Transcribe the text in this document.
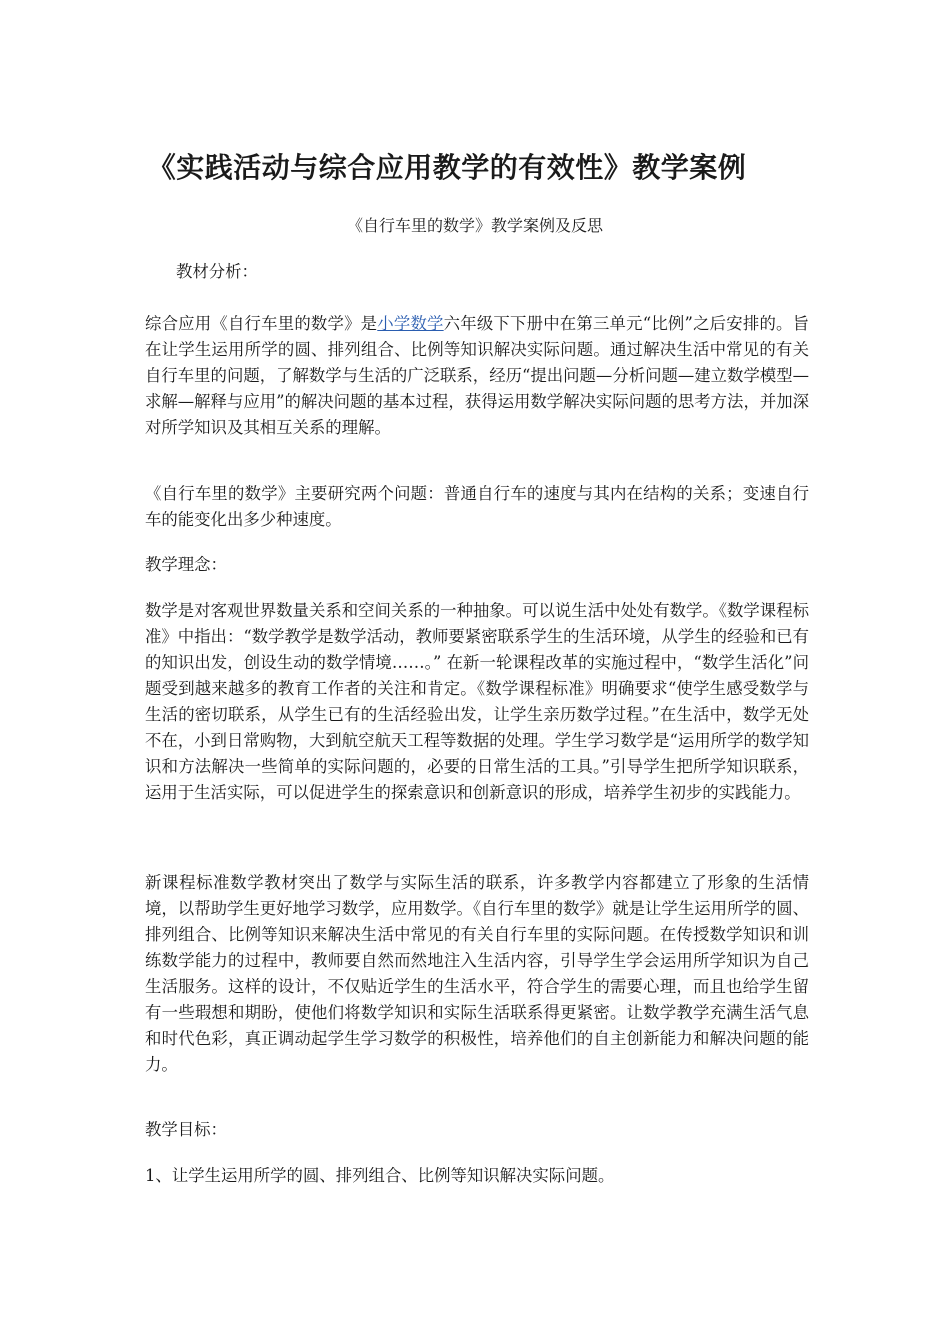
《实践活动与综合应用教学的有效性》教学案例

《自行车里的数学》教学案例及反思

教材分析：

综合应用《自行车里的数学》是小学数学六年级下下册中在第三单元“比例”之后安排的。旨在让学生运用所学的圆、排列组合、比例等知识解决实际问题。通过解决生活中常见的有关自行车里的问题，了解数学与生活的广泛联系，经历“提出问题—分析问题—建立数学模型—求解—解释与应用”的解决问题的基本过程，获得运用数学解决实际问题的思考方法，并加深对所学知识及其相互关系的理解。

《自行车里的数学》主要研究两个问题：普通自行车的速度与其内在结构的关系；变速自行车的能变化出多少种速度。

教学理念：

数学是对客观世界数量关系和空间关系的一种抽象。可以说生活中处处有数学。《数学课程标准》中指出：“数学教学是数学活动，教师要紧密联系学生的生活环境，从学生的经验和已有的知识出发，创设生动的数学情境……。” 在新一轮课程改革的实施过程中，“数学生活化”问题受到越来越多的教育工作者的关注和肯定。《数学课程标准》明确要求“使学生感受数学与生活的密切联系，从学生已有的生活经验出发，让学生亲历数学过程。”在生活中，数学无处不在，小到日常购物，大到航空航天工程等数据的处理。学生学习数学是“运用所学的数学知识和方法解决一些简单的实际问题的，必要的日常生活的工具。”引导学生把所学知识联系，运用于生活实际，可以促进学生的探索意识和创新意识的形成，培养学生初步的实践能力。

新课程标准数学教材突出了数学与实际生活的联系，许多教学内容都建立了形象的生活情境，以帮助学生更好地学习数学，应用数学。《自行车里的数学》就是让学生运用所学的圆、排列组合、比例等知识来解决生活中常见的有关自行车里的实际问题。在传授数学知识和训练数学能力的过程中，教师要自然而然地注入生活内容，引导学生学会运用所学知识为自己生活服务。这样的设计，不仅贴近学生的生活水平，符合学生的需要心理，而且也给学生留有一些瑕想和期盼，使他们将数学知识和实际生活联系得更紧密。让数学教学充满生活气息和时代色彩，真正调动起学生学习数学的积极性，培养他们的自主创新能力和解决问题的能力。

教学目标：

1、让学生运用所学的圆、排列组合、比例等知识解决实际问题。
